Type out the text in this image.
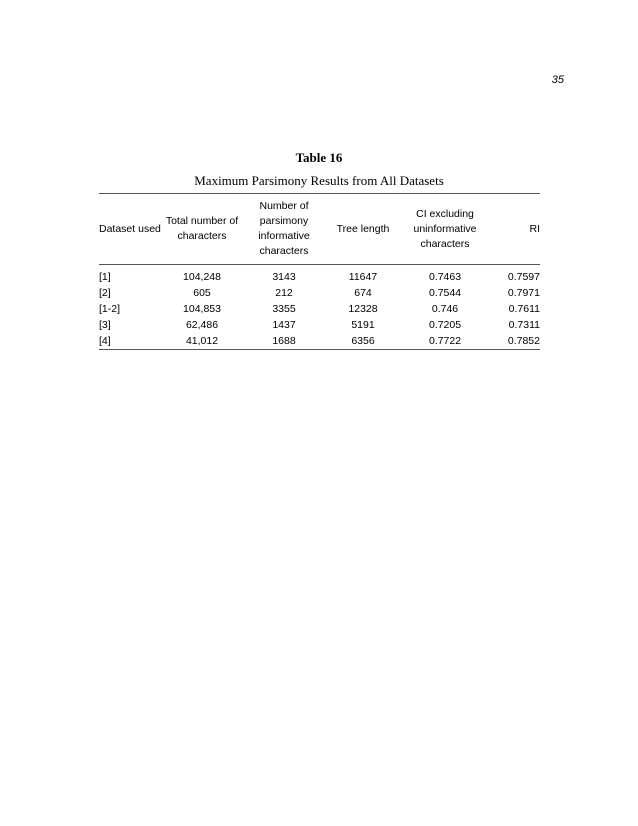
35
Table 16
Maximum Parsimony Results from All Datasets
Dataset used	Total number of characters	Number of parsimony informative characters	Tree length	CI excluding uninformative characters	RI
[1]	104,248	3143	11647	0.7463	0.7597
[2]	605	212	674	0.7544	0.7971
[1-2]	104,853	3355	12328	0.746	0.7611
[3]	62,486	1437	5191	0.7205	0.7311
[4]	41,012	1688	6356	0.7722	0.7852
